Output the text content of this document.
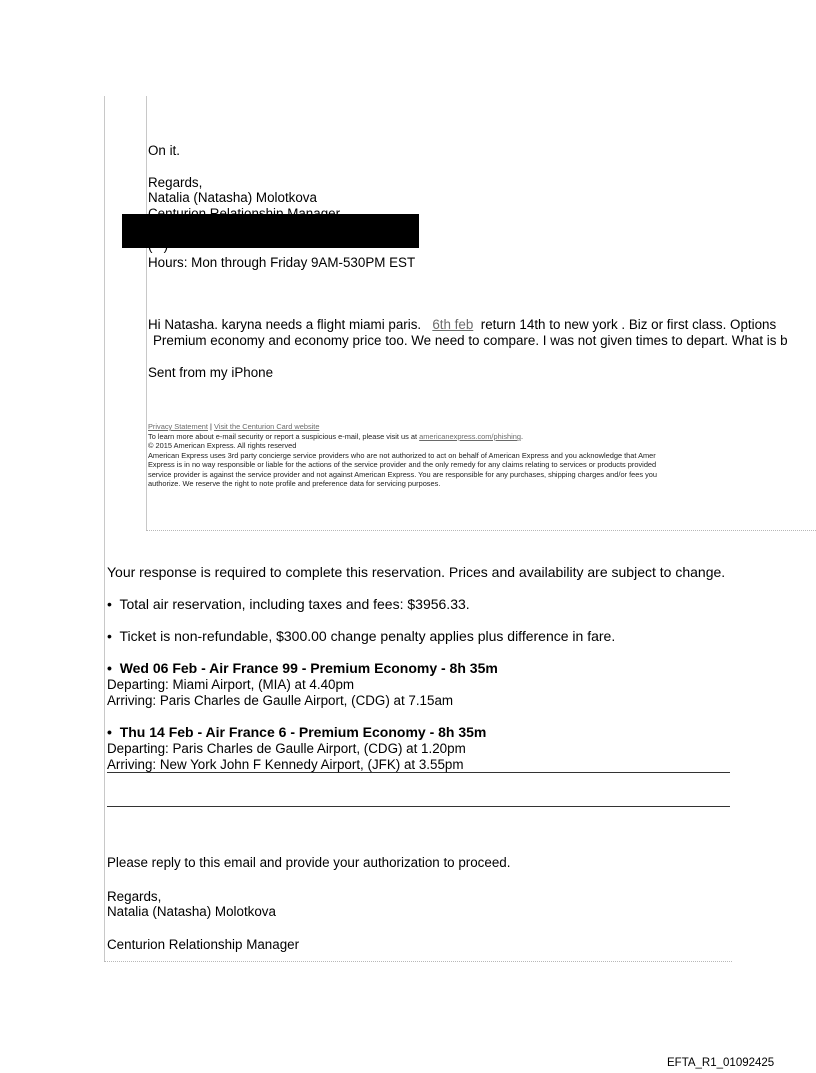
On it.
Regards,
Natalia (Natasha) Molotkova
Hours: Mon through Friday 9AM-530PM EST
Hi Natasha. karyna needs a flight miami paris. 6th feb return 14th to new york . Biz or first class. Options
Premium economy and economy price too. We need to compare. I was not given times to depart. What is b
Sent from my iPhone
Privacy Statement | Visit the Centurion Card website
To learn more about e-mail security or report a suspicious e-mail, please visit us at americanexpress.com/phishing.
© 2015 American Express. All rights reserved
American Express uses 3rd party concierge service providers who are not authorized to act on behalf of American Express and you acknowledge that Amer
Express is in no way responsible or liable for the actions of the service provider and the only remedy for any claims relating to services or products provided
service provider is against the service provider and not against American Express. You are responsible for any purchases, shipping charges and/or fees you
authorize. We reserve the right to note profile and preference data for servicing purposes.
Your response is required to complete this reservation. Prices and availability are subject to change.
• Total air reservation, including taxes and fees: $3956.33.
• Ticket is non-refundable, $300.00 change penalty applies plus difference in fare.
• Wed 06 Feb - Air France 99 - Premium Economy - 8h 35m
Departing: Miami Airport, (MIA) at 4.40pm
Arriving: Paris Charles de Gaulle Airport, (CDG) at 7.15am
• Thu 14 Feb - Air France 6 - Premium Economy - 8h 35m
Departing: Paris Charles de Gaulle Airport, (CDG) at 1.20pm
Arriving: New York John F Kennedy Airport, (JFK) at 3.55pm
Please reply to this email and provide your authorization to proceed.
Regards,
Natalia (Natasha) Molotkova
Centurion Relationship Manager
EFTA_R1_01092425
